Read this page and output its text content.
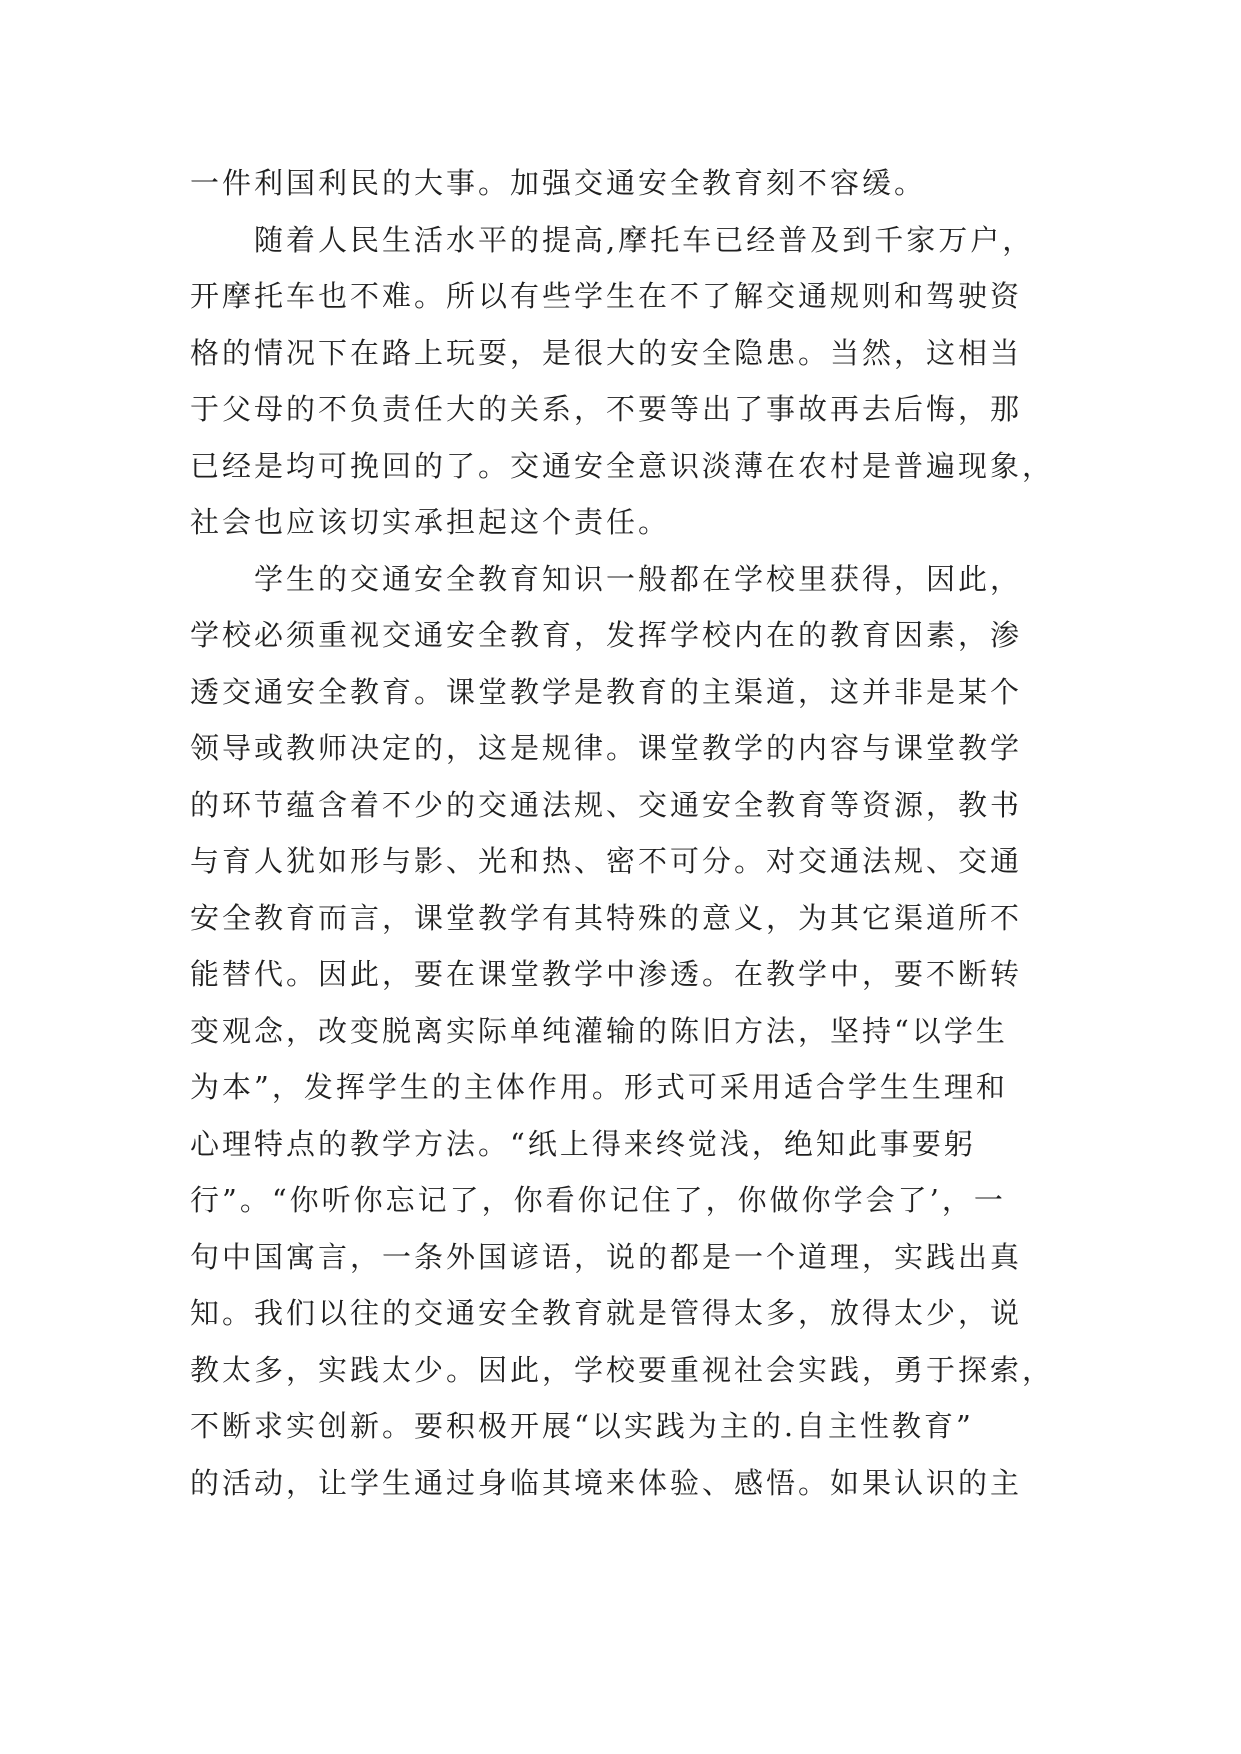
一件利国利民的大事。加强交通安全教育刻不容缓。
随着人民生活水平的提高,摩托车已经普及到千家万户，
开摩托车也不难。所以有些学生在不了解交通规则和驾驶资
格的情况下在路上玩耍，是很大的安全隐患。当然，这相当
于父母的不负责任大的关系，不要等出了事故再去后悔，那
已经是均可挽回的了。交通安全意识淡薄在农村是普遍现象，
社会也应该切实承担起这个责任。
学生的交通安全教育知识一般都在学校里获得，因此，
学校必须重视交通安全教育，发挥学校内在的教育因素，渗
透交通安全教育。课堂教学是教育的主渠道，这并非是某个
领导或教师决定的，这是规律。课堂教学的内容与课堂教学
的环节蕴含着不少的交通法规、交通安全教育等资源，教书
与育人犹如形与影、光和热、密不可分。对交通法规、交通
安全教育而言，课堂教学有其特殊的意义，为其它渠道所不
能替代。因此，要在课堂教学中渗透。在教学中，要不断转
变观念，改变脱离实际单纯灌输的陈旧方法，坚持“以学生
为本”，发挥学生的主体作用。形式可采用适合学生生理和
心理特点的教学方法。“纸上得来终觉浅，绝知此事要躬
行”。“你听你忘记了，你看你记住了，你做你学会了’，一
句中国寓言，一条外国谚语，说的都是一个道理，实践出真
知。我们以往的交通安全教育就是管得太多，放得太少，说
教太多，实践太少。因此，学校要重视社会实践，勇于探索，
不断求实创新。要积极开展“以实践为主的.自主性教育”
的活动，让学生通过身临其境来体验、感悟。如果认识的主
